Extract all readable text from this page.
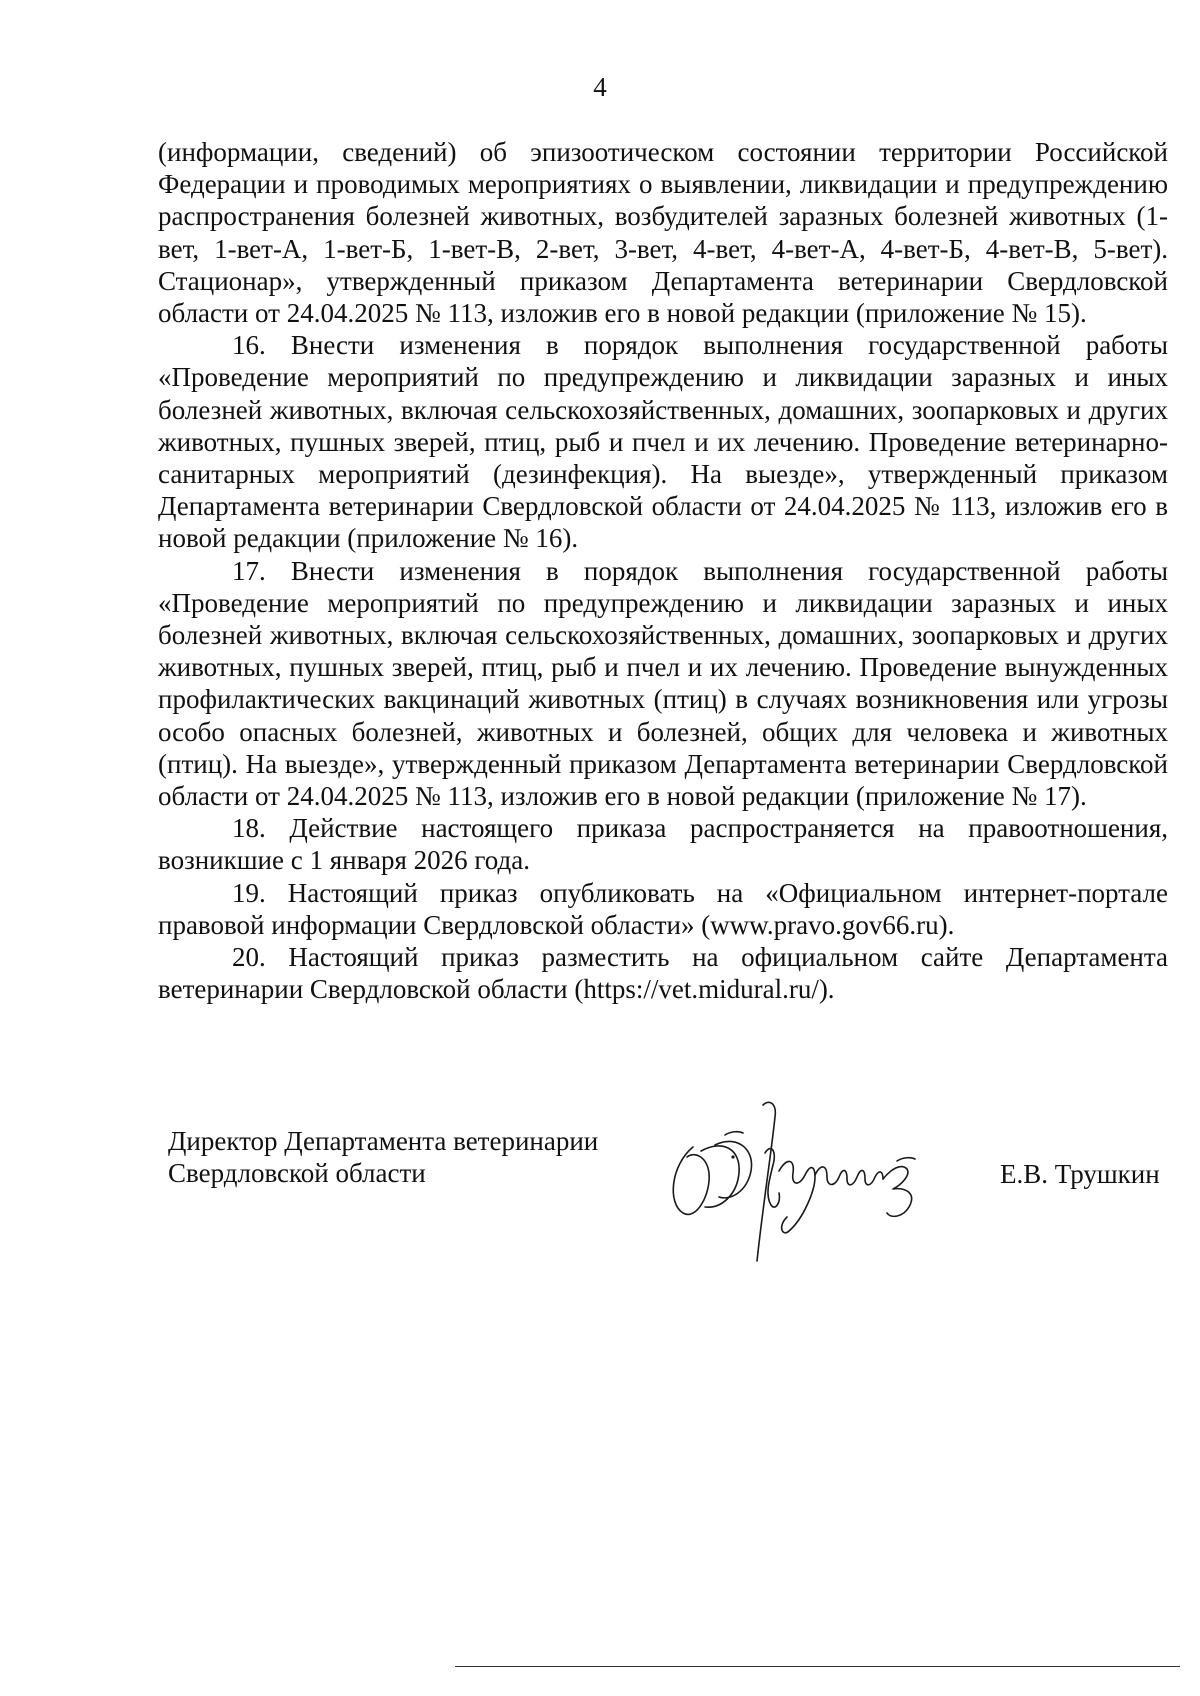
4

(информации, сведений) об эпизоотическом состоянии территории Российской Федерации и проводимых мероприятиях о выявлении, ликвидации и предупреждению распространения болезней животных, возбудителей заразных болезней животных (1-вет, 1-вет-А, 1-вет-Б, 1-вет-В, 2-вет, 3-вет, 4-вет, 4-вет-А, 4-вет-Б, 4-вет-В, 5-вет). Стационар», утвержденный приказом Департамента ветеринарии Свердловской области от 24.04.2025 № 113, изложив его в новой редакции (приложение № 15).

16. Внести изменения в порядок выполнения государственной работы «Проведение мероприятий по предупреждению и ликвидации заразных и иных болезней животных, включая сельскохозяйственных, домашних, зоопарковых и других животных, пушных зверей, птиц, рыб и пчел и их лечению. Проведение ветеринарно-санитарных мероприятий (дезинфекция). На выезде», утвержденный приказом Департамента ветеринарии Свердловской области от 24.04.2025 № 113, изложив его в новой редакции (приложение № 16).

17. Внести изменения в порядок выполнения государственной работы «Проведение мероприятий по предупреждению и ликвидации заразных и иных болезней животных, включая сельскохозяйственных, домашних, зоопарковых и других животных, пушных зверей, птиц, рыб и пчел и их лечению. Проведение вынужденных профилактических вакцинаций животных (птиц) в случаях возникновения или угрозы особо опасных болезней, животных и болезней, общих для человека и животных (птиц). На выезде», утвержденный приказом Департамента ветеринарии Свердловской области от 24.04.2025 № 113, изложив его в новой редакции (приложение № 17).

18. Действие настоящего приказа распространяется на правоотношения, возникшие с 1 января 2026 года.

19. Настоящий приказ опубликовать на «Официальном интернет-портале правовой информации Свердловской области» (www.pravo.gov66.ru).

20. Настоящий приказ разместить на официальном сайте Департамента ветеринарии Свердловской области (https://vet.midural.ru/).

Директор Департамента ветеринарии
Свердловской области	Е.В. Трушкин
